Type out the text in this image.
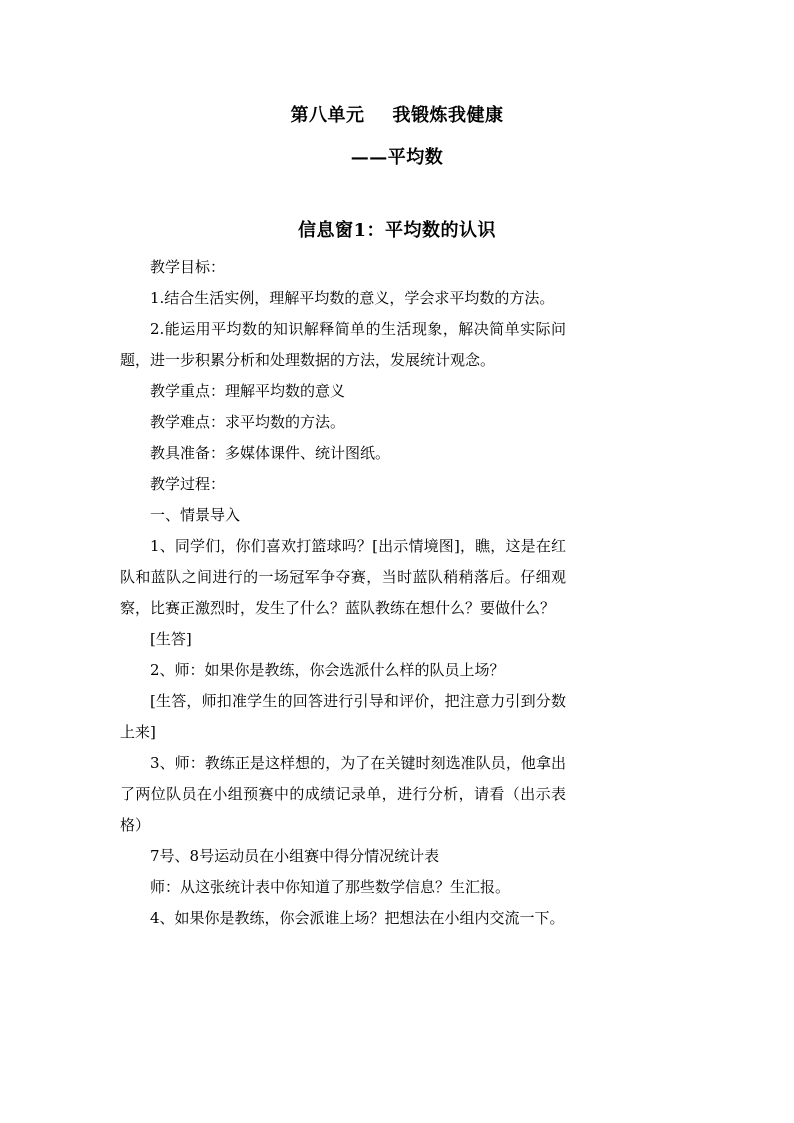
第八单元 我锻炼我健康
——平均数
信息窗1：平均数的认识

教学目标：

1.结合生活实例，理解平均数的意义，学会求平均数的方法。

2.能运用平均数的知识解释简单的生活现象，解决简单实际问题，进一步积累分析和处理数据的方法，发展统计观念。

教学重点：理解平均数的意义

教学难点：求平均数的方法。

教具准备：多媒体课件、统计图纸。

教学过程：

一、情景导入

1、同学们，你们喜欢打篮球吗？[出示情境图]，瞧，这是在红队和蓝队之间进行的一场冠军争夺赛，当时蓝队稍稍落后。仔细观察，比赛正激烈时，发生了什么？蓝队教练在想什么？要做什么？

[生答]

2、师：如果你是教练，你会选派什么样的队员上场？

[生答，师扣准学生的回答进行引导和评价，把注意力引到分数上来]

3、师：教练正是这样想的，为了在关键时刻选准队员，他拿出了两位队员在小组预赛中的成绩记录单，进行分析，请看（出示表格）

7号、8号运动员在小组赛中得分情况统计表

师：从这张统计表中你知道了那些数学信息？生汇报。

4、如果你是教练，你会派谁上场？把想法在小组内交流一下。
